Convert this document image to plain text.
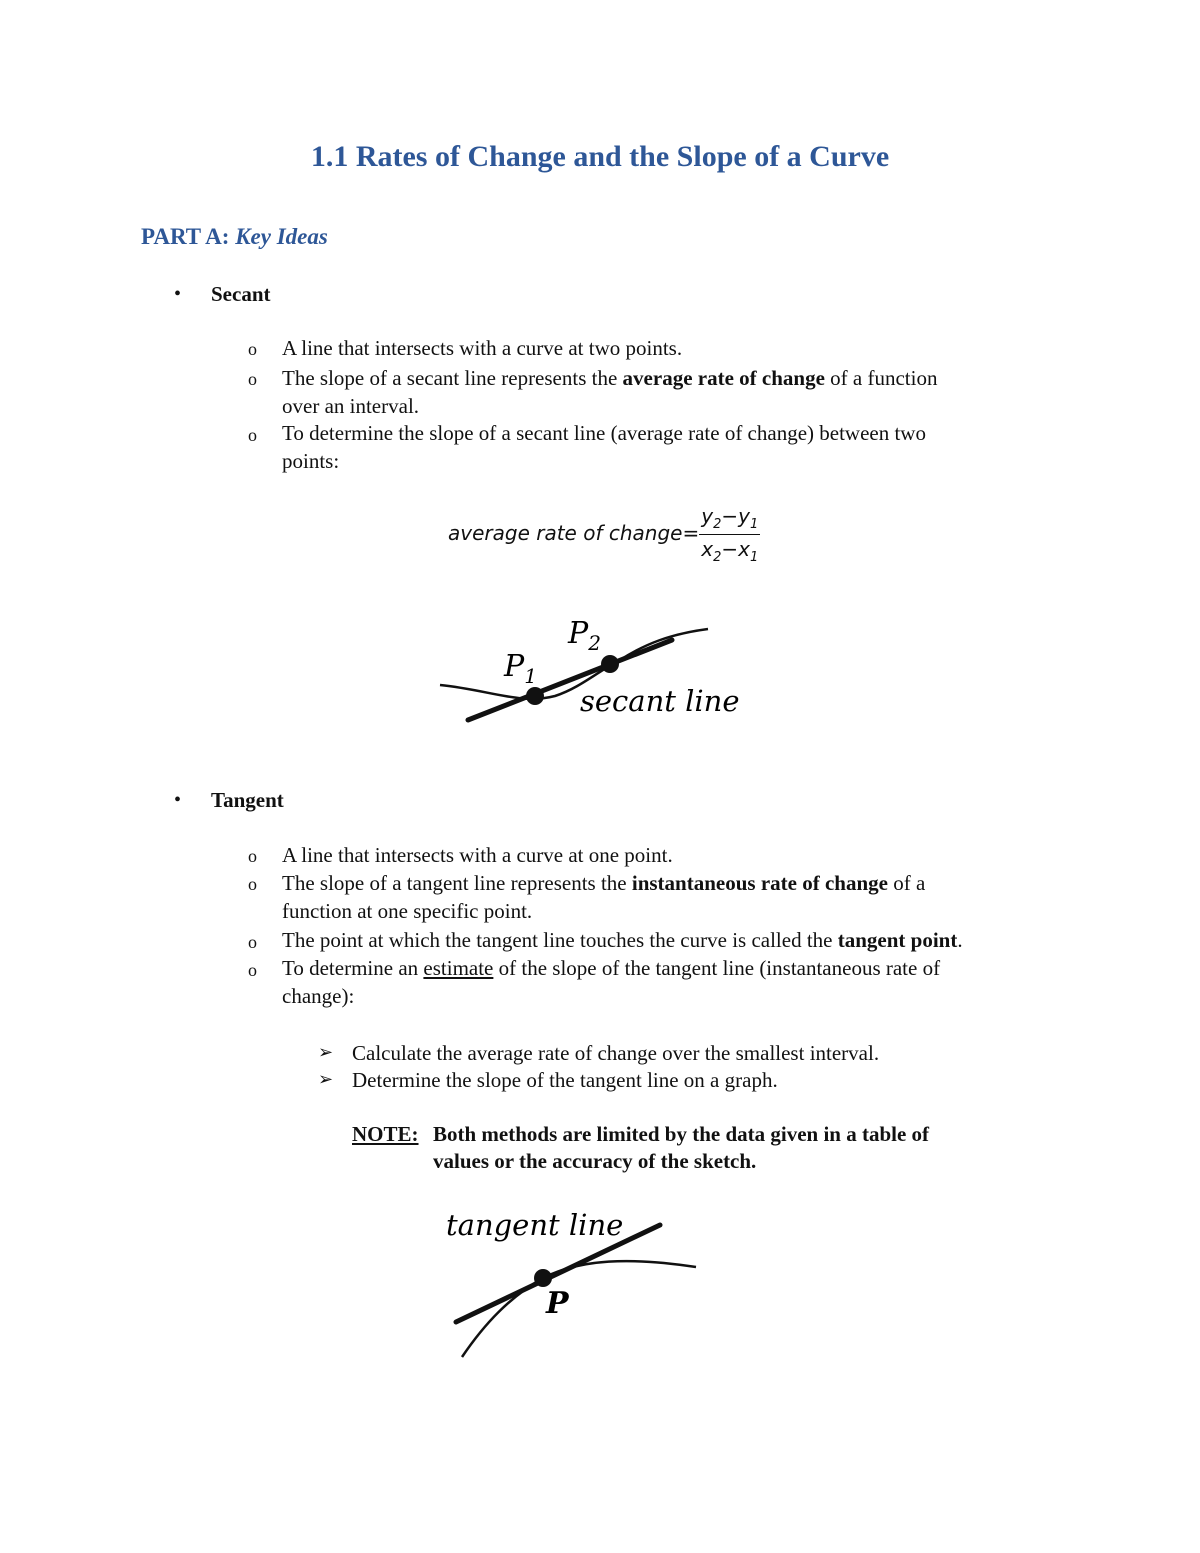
1.1 Rates of Change and the Slope of a Curve
PART A: Key Ideas
• Secant
o A line that intersects with a curve at two points.
o The slope of a secant line represents the average rate of change of a function
over an interval.
o To determine the slope of a secant line (average rate of change) between two
points:
average rate of change= $\frac{y_2-y_1}{x_2-x_1}$
$P_1$
$P_2$
secant line
• Tangent
o A line that intersects with a curve at one point.
o The slope of a tangent line represents the instantaneous rate of change of a
function at one specific point.
o The point at which the tangent line touches the curve is called the tangent point.
o To determine an estimate of the slope of the tangent line (instantaneous rate of
change):
➢ Calculate the average rate of change over the smallest interval.
➢ Determine the slope of the tangent line on a graph.
NOTE: Both methods are limited by the data given in a table of
values or the accuracy of the sketch.
tangent line
P
